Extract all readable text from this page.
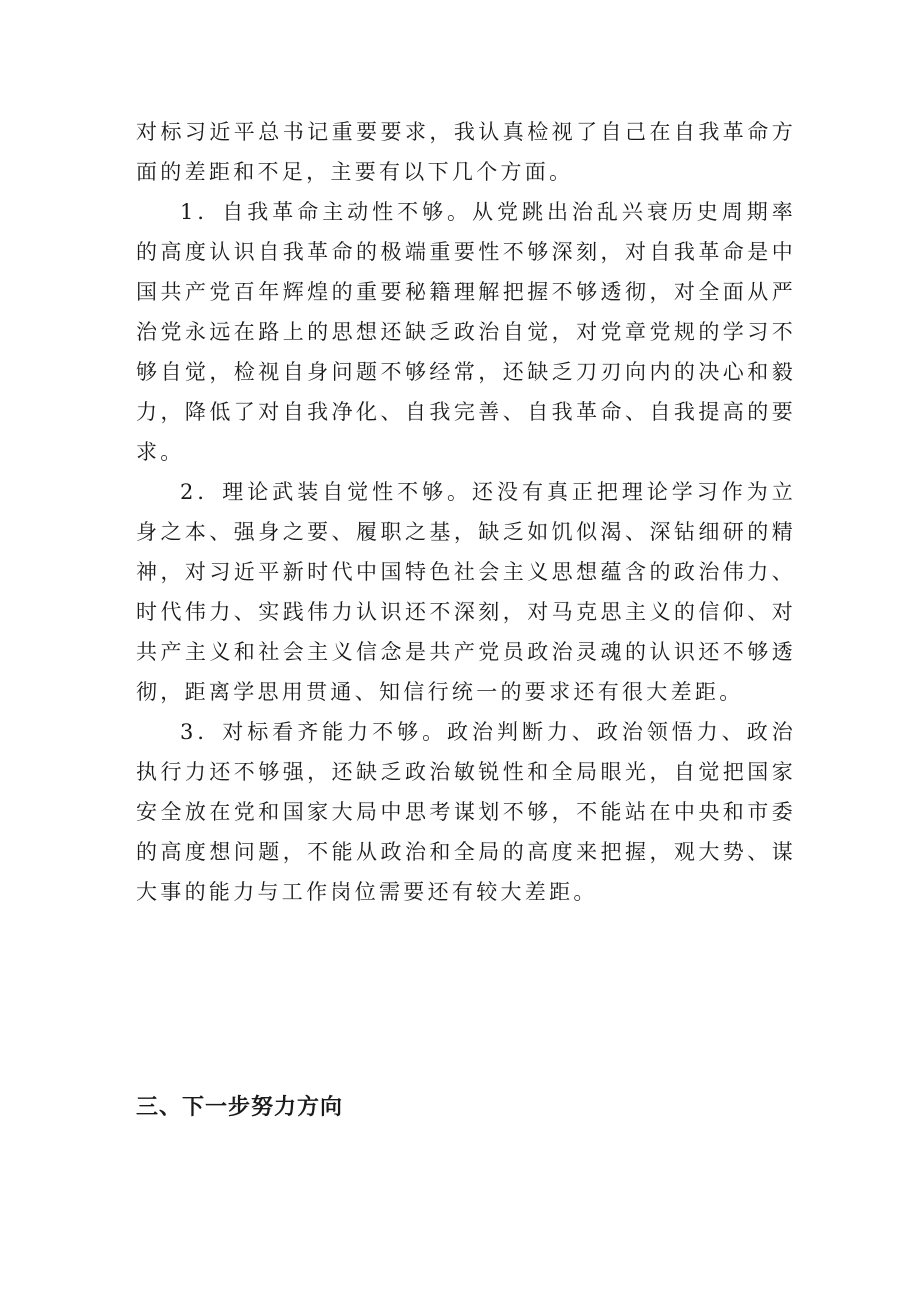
对标习近平总书记重要要求，我认真检视了自己在自我革命方面的差距和不足，主要有以下几个方面。

1．自我革命主动性不够。从党跳出治乱兴衰历史周期率的高度认识自我革命的极端重要性不够深刻，对自我革命是中国共产党百年辉煌的重要秘籍理解把握不够透彻，对全面从严治党永远在路上的思想还缺乏政治自觉，对党章党规的学习不够自觉，检视自身问题不够经常，还缺乏刀刃向内的决心和毅力，降低了对自我净化、自我完善、自我革命、自我提高的要求。

2．理论武装自觉性不够。还没有真正把理论学习作为立身之本、强身之要、履职之基，缺乏如饥似渴、深钻细研的精神，对习近平新时代中国特色社会主义思想蕴含的政治伟力、时代伟力、实践伟力认识还不深刻，对马克思主义的信仰、对共产主义和社会主义信念是共产党员政治灵魂的认识还不够透彻，距离学思用贯通、知信行统一的要求还有很大差距。

3．对标看齐能力不够。政治判断力、政治领悟力、政治执行力还不够强，还缺乏政治敏锐性和全局眼光，自觉把国家安全放在党和国家大局中思考谋划不够，不能站在中央和市委的高度想问题，不能从政治和全局的高度来把握，观大势、谋大事的能力与工作岗位需要还有较大差距。

三、下一步努力方向
